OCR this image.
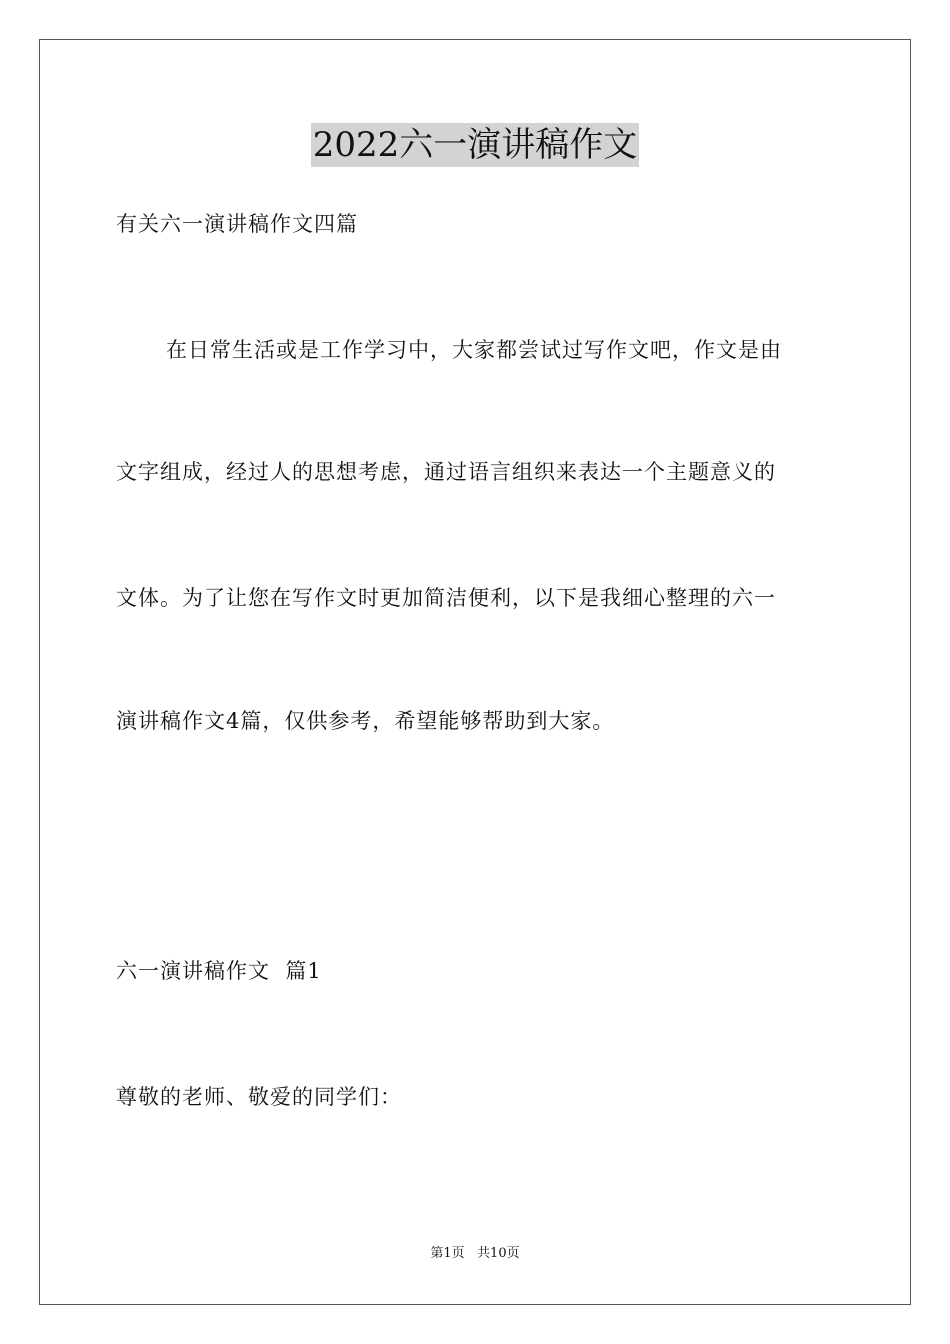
2022六一演讲稿作文
有关六一演讲稿作文四篇
在日常生活或是工作学习中，大家都尝试过写作文吧，作文是由
文字组成，经过人的思想考虑，通过语言组织来表达一个主题意义的
文体。为了让您在写作文时更加简洁便利，以下是我细心整理的六一
演讲稿作文4篇，仅供参考，希望能够帮助到大家。
六一演讲稿作文  篇1
尊敬的老师、敬爱的同学们：
第1页   共10页
